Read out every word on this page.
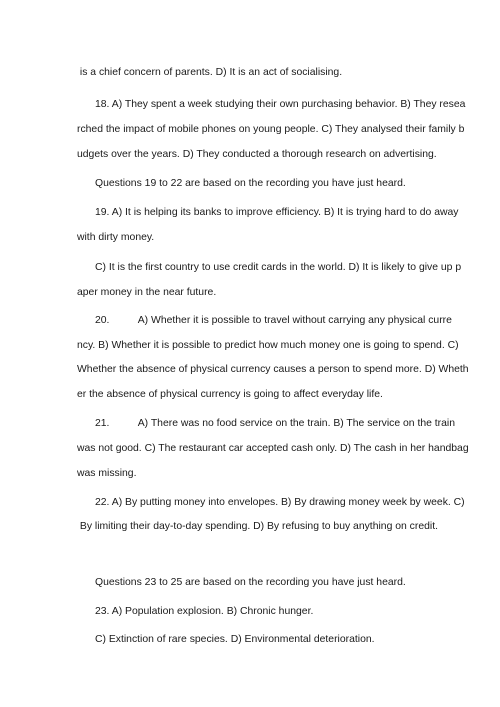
is a chief concern of parents. D) It is an act of socialising.
18. A) They spent a week studying their own purchasing behavior. B) They resea
rched the impact of mobile phones on young people. C) They analysed their family b
udgets over the years. D) They conducted a thorough research on advertising.
Questions 19 to 22 are based on the recording you have just heard.
19. A) It is helping its banks to improve efficiency. B) It is trying hard to do away
with dirty money.
C) It is the first country to use credit cards in the world. D) It is likely to give up p
aper money in the near future.
20.          A) Whether it is possible to travel without carrying any physical curre
ncy. B) Whether it is possible to predict how much money one is going to spend. C)
Whether the absence of physical currency causes a person to spend more. D) Wheth
er the absence of physical currency is going to affect everyday life.
21.          A) There was no food service on the train. B) The service on the train
was not good. C) The restaurant car accepted cash only. D) The cash in her handbag
was missing.
22. A) By putting money into envelopes. B) By drawing money week by week. C)
By limiting their day-to-day spending. D) By refusing to buy anything on credit.
Questions 23 to 25 are based on the recording you have just heard.
23. A) Population explosion. B) Chronic hunger.
C) Extinction of rare species. D) Environmental deterioration.
